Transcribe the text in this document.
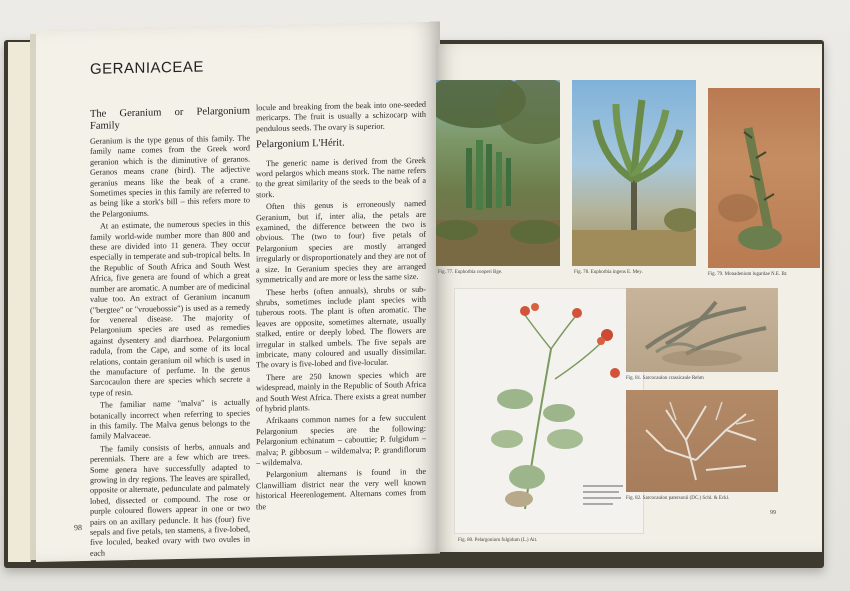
GERANIACEAE
The Geranium or Pelargonium Family

Geranium is the type genus of this family. The family name comes from the Greek word geranion which is the diminutive of geranos. Geranos means crane (bird). The adjective geranius means like the beak of a crane. Sometimes species in this family are referred to as being like a stork's bill – this refers more to the Pelargoniums.

At an estimate, the numerous species in this family world-wide number more than 800 and these are divided into 11 genera. They occur especially in temperate and sub-tropical belts. In the Republic of South Africa and South West Africa, five genera are found of which a great number are aromatic. A number are of medicinal value too. An extract of Geranium incanum ("bergtee" or "vrouebossie") is used as a remedy for venereal disease. The majority of Pelargonium species are used as remedies against dysentery and diarrhoea. Pelargonium radula, from the Cape, and some of its local relations, contain geranium oil which is used in the manufacture of perfume. In the genus Sarcocaulon there are species which secrete a type of resin.

The familiar name "malva" is actually botanically incorrect when referring to species in this family. The Malva genus belongs to the family Malvaceae.

The family consists of herbs, annuals and perennials. There are a few which are trees. Some genera have successfully adapted to growing in dry regions. The leaves are spiralled, opposite or alternate, pedunculate and palmately lobed, dissected or compound. The rose or purple coloured flowers appear in one or two pairs on an axillary peduncle. It has (four) five sepals and five petals, ten stamens, a five-lobed, five loculed, beaked ovary with two ovules in each

locule and breaking from the beak into one-seeded mericarps. The fruit is usually a schizocarp with pendulous seeds. The ovary is superior.

Pelargonium L'Hérit.

The generic name is derived from the Greek word pelargos which means stork. The name refers to the great similarity of the seeds to the beak of a stork.

Often this genus is erroneously named Geranium, but if, inter alia, the petals are examined, the difference between the two is obvious. The (two to four) five petals of Pelargonium species are mostly arranged irregularly or disproportionately and they are not of a size. In Geranium species they are arranged symmetrically and are more or less the same size.

These herbs (often annuals), shrubs or sub-shrubs, sometimes include plant species with tuberous roots. The plant is often aromatic. The leaves are opposite, sometimes alternate, usually stalked, entire or deeply lobed. The flowers are irregular in stalked umbels. The five sepals are imbricate, many coloured and usually dissimilar. The ovary is five-lobed and five-locular.

There are 250 known species which are widespread, mainly in the Republic of South Africa and South West Africa. There exists a great number of hybrid plants.

Afrikaans common names for a few succulent Pelargonium species are the following: Pelargonium echinatum – cabouttie; P. fulgidum – malva; P. gibbosum – wildemalva; P. grandiflorum – wildemalva.

Pelargonium alternans is found in the Clanwilliam district near the very well known historical Heerenlogement. Alternans comes from the

98
Fig. 77. Euphorbia cooperi Bge.	Fig. 78. Euphorbia ingens E. Mey.	Fig. 79. Monadenium lugardae N.E. Br.
Fig. 80. Pelargonium fulgidum (L.) Ait.
Fig. 81. Sarcocaulon crassicaule Rehm
Fig. 82. Sarcocaulon patersonii (DC.) Schl. & Eckl.
99
